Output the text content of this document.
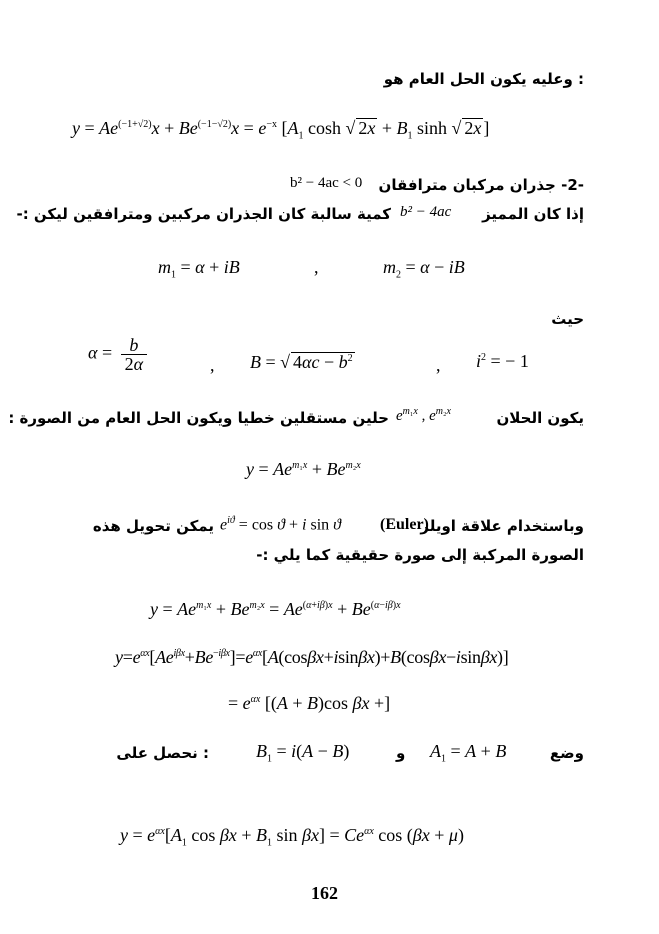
: وعليه يكون الحل العام هو
$y = Ae^{(-1+√2)}x + Be^{(-1-√2)}x = e^{-x}$ [$A_1$ cosh √ $2x + B_1$ sinh √ 2x ]
-2- جذران مركبان مترافقان
b² − 4ac < 0
إذا كان المميز
b² − 4ac
كمية سالبة كان الجذران مركبين ومترافقين ليكن :-
$m_1 = \alpha$ + iB	,	$m_2 = \alpha$ − iB
حيث
$\alpha = \frac{b}{2\alpha}$	, B = √ $4\alpha c - b^2$	, $i^2$ = − 1
يكون الحلان
$e^{m_1x}$ , $e^{m_2x}$
حلين مستقلين خطيا ويكون الحل العام من الصورة :
$y = Ae^{m_1x} + Be^{m_2x}$
وباستخدام علاقة اويلر
(Euler)
$e^{iϑ} = \cos ϑ + i$ sin ϑ
يمكن تحويل هذه
الصورة المركبة إلى صورة حقيقية كما يلي :-
$y = Ae^{m_1x} + Be^{m_2x} = Ae^{(\alpha+i\beta)x} + Be^{(\alpha-i\beta)x}$
$y=e^{\alpha x}[Ae^{i\beta x}+Be^{-i\beta x}]=e^{\alpha x}[A(\cos\beta x+isin\beta x)+B(\cos\beta x-isin\beta x)]$
= $e^{\alpha x}$ [(A + B)cos βx +]
وضع
$A_1 = A + B$
و
$B_1 = i(A - B)$
: نحصل على
$y = e^{\alpha x}[A_1$ $\cos \beta x + B_1$ $\sin \beta x] = Ce^{\alpha x}$ cos (βx + μ)
162
